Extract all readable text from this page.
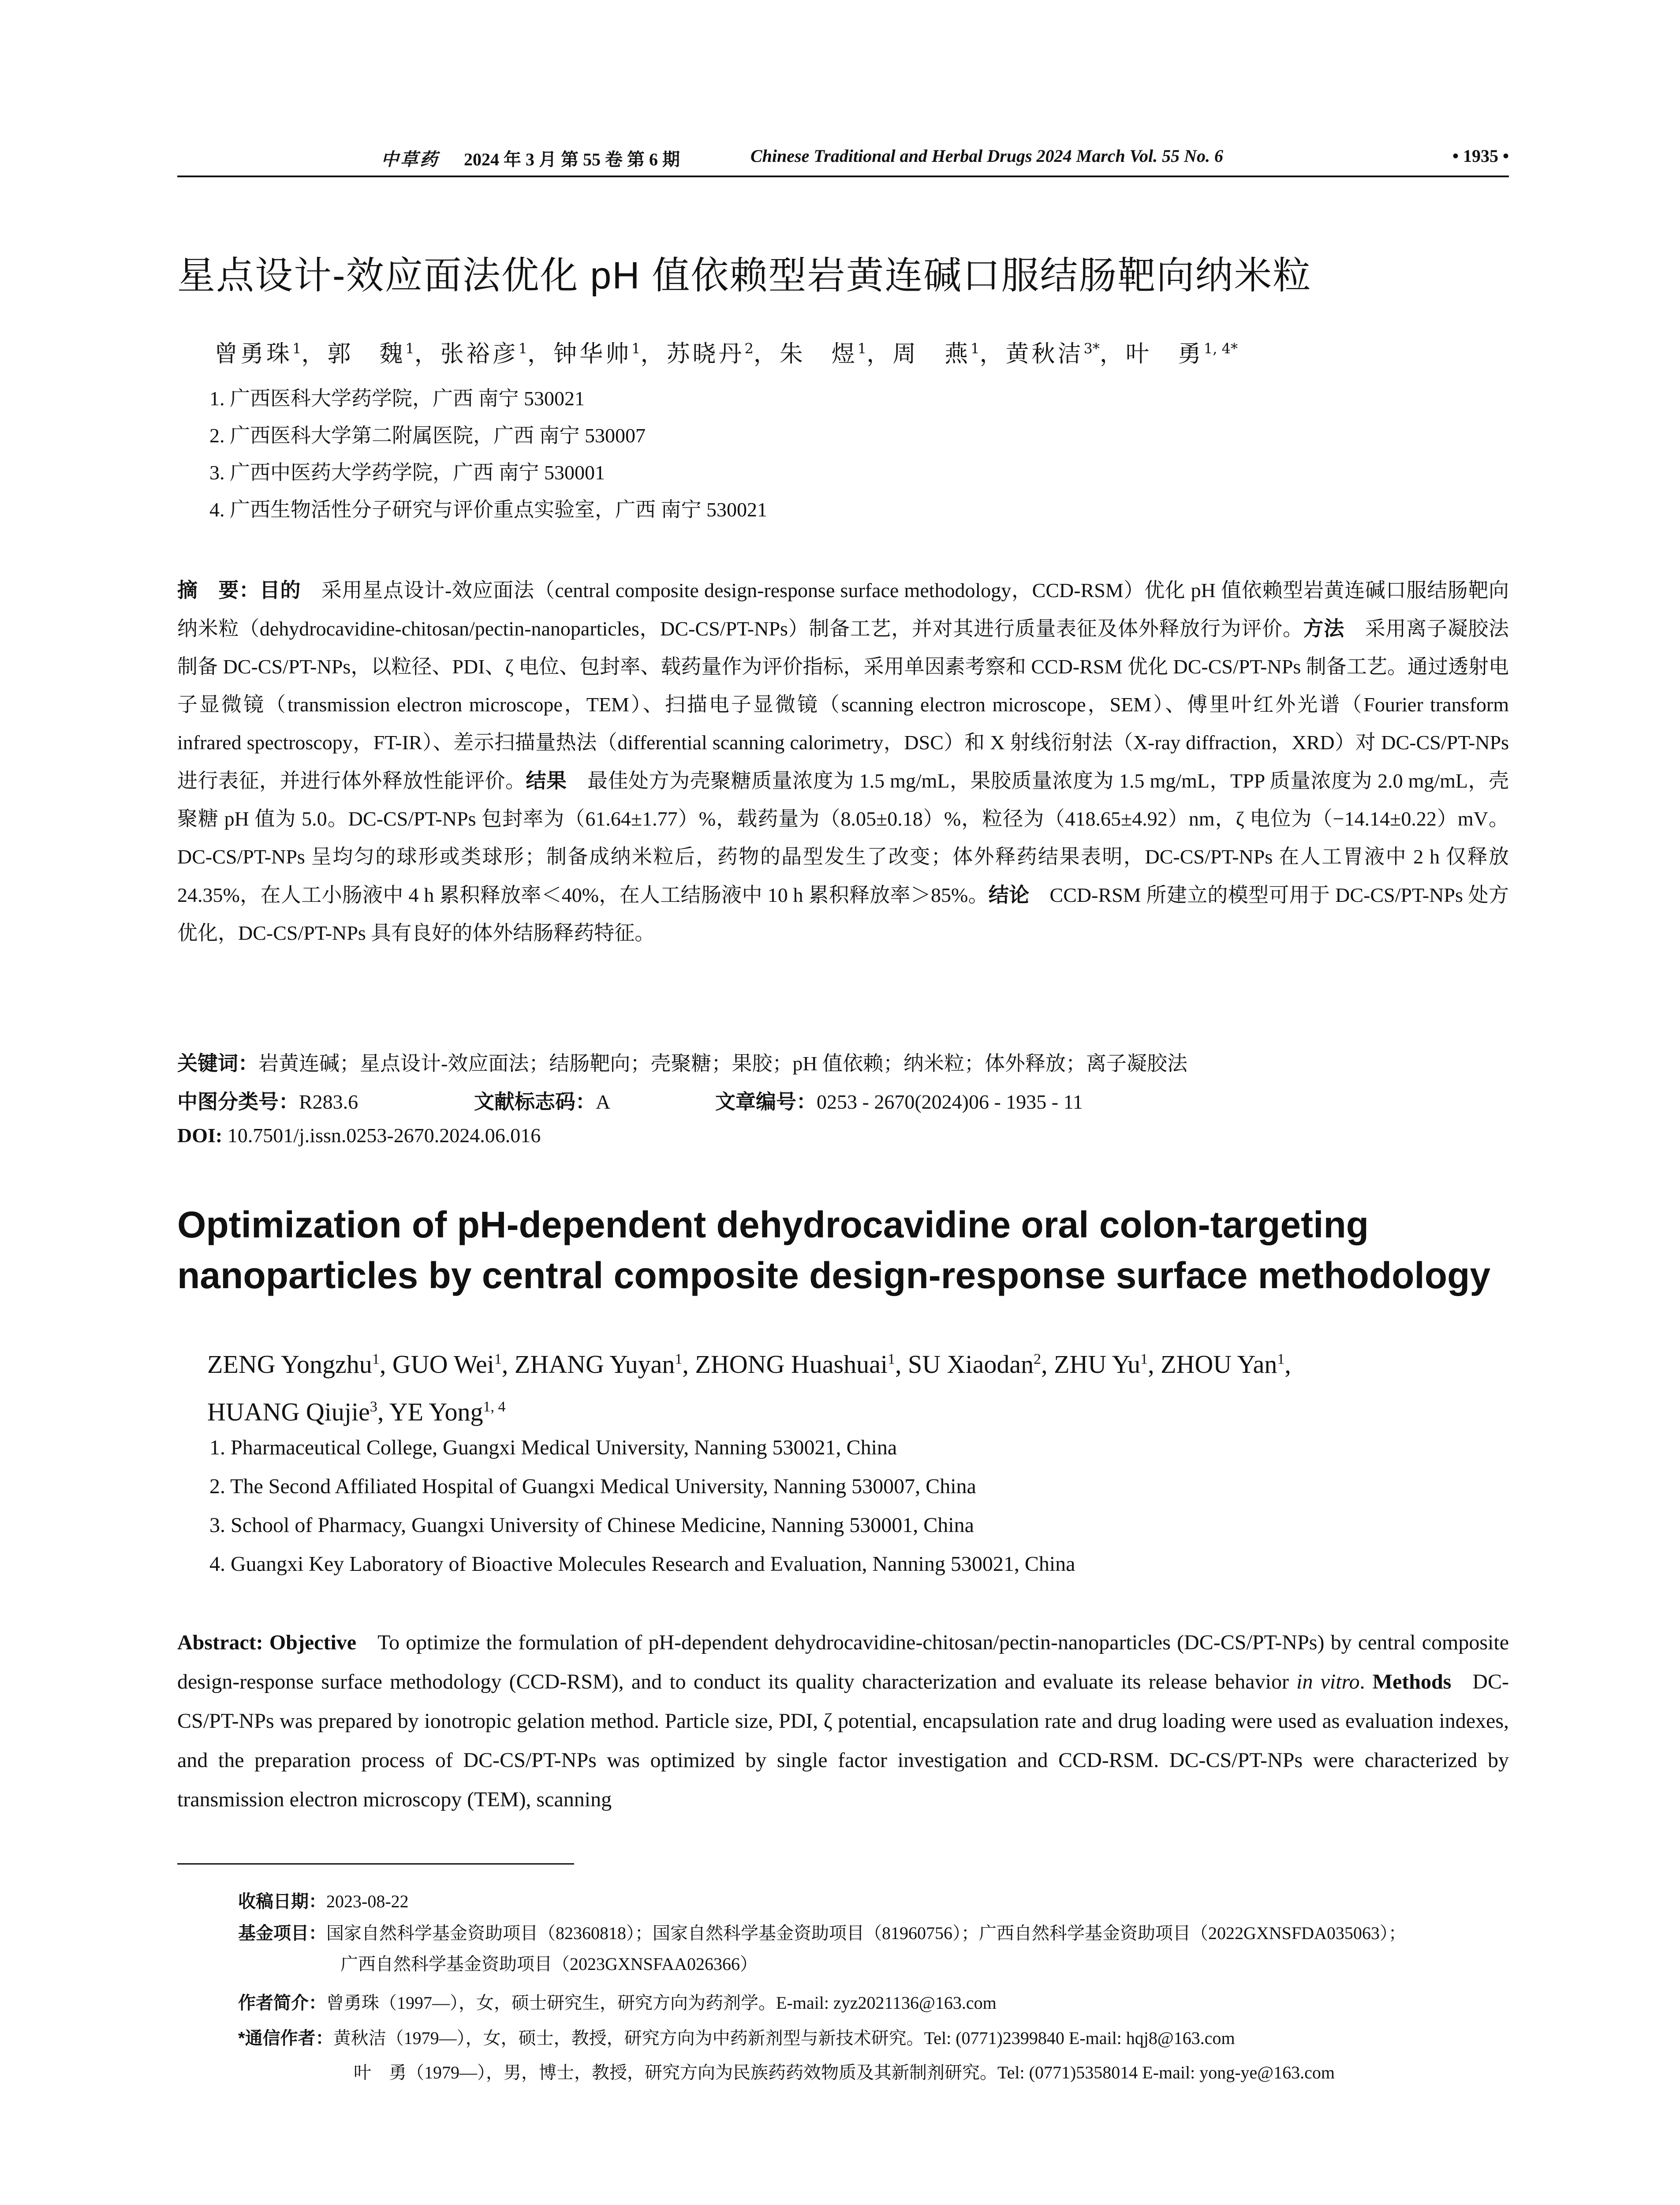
中草药 2024 年 3 月 第 55 卷 第 6 期	Chinese Traditional and Herbal Drugs 2024 March Vol. 55 No. 6	• 1935 •
星点设计-效应面法优化 pH 值依赖型岩黄连碱口服结肠靶向纳米粒
曾勇珠$^1$，郭　魏$^1$，张裕彦$^1$，钟华帅$^1$，苏晓丹$^2$，朱　煜$^1$，周　燕$^1$，黄秋洁$^{3*}$，叶　勇$^{1, 4*}$
1. 广西医科大学药学院，广西 南宁 530021
2. 广西医科大学第二附属医院，广西 南宁 530007
3. 广西中医药大学药学院，广西 南宁 530001
4. 广西生物活性分子研究与评价重点实验室，广西 南宁 530021
摘　要：目的  采用星点设计-效应面法（central composite design-response surface methodology，CCD-RSM）优化 pH 值依赖型岩黄连碱口服结肠靶向纳米粒（dehydrocavidine-chitosan/pectin-nanoparticles，DC-CS/PT-NPs）制备工艺，并对其进行质量表征及体外释放行为评价。方法  采用离子凝胶法制备 DC-CS/PT-NPs，以粒径、PDI、ζ 电位、包封率、载药量作为评价指标，采用单因素考察和 CCD-RSM 优化 DC-CS/PT-NPs 制备工艺。通过透射电子显微镜（transmission electron microscope，TEM）、扫描电子显微镜（scanning electron microscope，SEM）、傅里叶红外光谱（Fourier transform infrared spectroscopy，FT-IR）、差示扫描量热法（differential scanning calorimetry，DSC）和 X 射线衍射法（X-ray diffraction，XRD）对 DC-CS/PT-NPs 进行表征，并进行体外释放性能评价。结果  最佳处方为壳聚糖质量浓度为 1.5 mg/mL，果胶质量浓度为 1.5 mg/mL，TPP 质量浓度为 2.0 mg/mL，壳聚糖 pH 值为 5.0。DC-CS/PT-NPs 包封率为（61.64±1.77）%，载药量为（8.05±0.18）%，粒径为（418.65±4.92）nm，ζ 电位为（−14.14±0.22）mV。DC-CS/PT-NPs 呈均匀的球形或类球形；制备成纳米粒后，药物的晶型发生了改变；体外释药结果表明，DC-CS/PT-NPs 在人工胃液中 2 h 仅释放 24.35%，在人工小肠液中 4 h 累积释放率＜40%，在人工结肠液中 10 h 累积释放率＞85%。结论  CCD-RSM 所建立的模型可用于 DC-CS/PT-NPs 处方优化，DC-CS/PT-NPs 具有良好的体外结肠释药特征。
关键词：岩黄连碱；星点设计-效应面法；结肠靶向；壳聚糖；果胶；pH 值依赖；纳米粒；体外释放；离子凝胶法
中图分类号：R283.6	文献标志码：A	文章编号：0253 - 2670(2024)06 - 1935 - 11
DOI: 10.7501/j.issn.0253-2670.2024.06.016
Optimization of pH-dependent dehydrocavidine oral colon-targeting nanoparticles by central composite design-response surface methodology
ZENG Yongzhu$^1$, GUO Wei$^1$, ZHANG Yuyan$^1$, ZHONG Huashuai$^1$, SU Xiaodan$^2$, ZHU Yu$^1$, ZHOU Yan$^1$,
HUANG Qiujie$^3$, YE Yong$^{1, 4}$
1. Pharmaceutical College, Guangxi Medical University, Nanning 530021, China
2. The Second Affiliated Hospital of Guangxi Medical University, Nanning 530007, China
3. School of Pharmacy, Guangxi University of Chinese Medicine, Nanning 530001, China
4. Guangxi Key Laboratory of Bioactive Molecules Research and Evaluation, Nanning 530021, China
Abstract: Objective  To optimize the formulation of pH-dependent dehydrocavidine-chitosan/pectin-nanoparticles (DC-CS/PT-NPs) by central composite design-response surface methodology (CCD-RSM), and to conduct its quality characterization and evaluate its release behavior in vitro. Methods  DC-CS/PT-NPs was prepared by ionotropic gelation method. Particle size, PDI, ζ potential, encapsulation rate and drug loading were used as evaluation indexes, and the preparation process of DC-CS/PT-NPs was optimized by single factor investigation and CCD-RSM. DC-CS/PT-NPs were characterized by transmission electron microscopy (TEM), scanning
收稿日期：2023-08-22
基金项目：国家自然科学基金资助项目（82360818）；国家自然科学基金资助项目（81960756）；广西自然科学基金资助项目（2022GXNSFDA035063）；
广西自然科学基金资助项目（2023GXNSFAA026366）
作者简介：曾勇珠（1997—），女，硕士研究生，研究方向为药剂学。E-mail: zyz2021136@163.com
*通信作者：黄秋洁（1979—），女，硕士，教授，研究方向为中药新剂型与新技术研究。Tel: (0771)2399840 E-mail: hqj8@163.com
叶　勇（1979—），男，博士，教授，研究方向为民族药药效物质及其新制剂研究。Tel: (0771)5358014 E-mail: yong-ye@163.com
